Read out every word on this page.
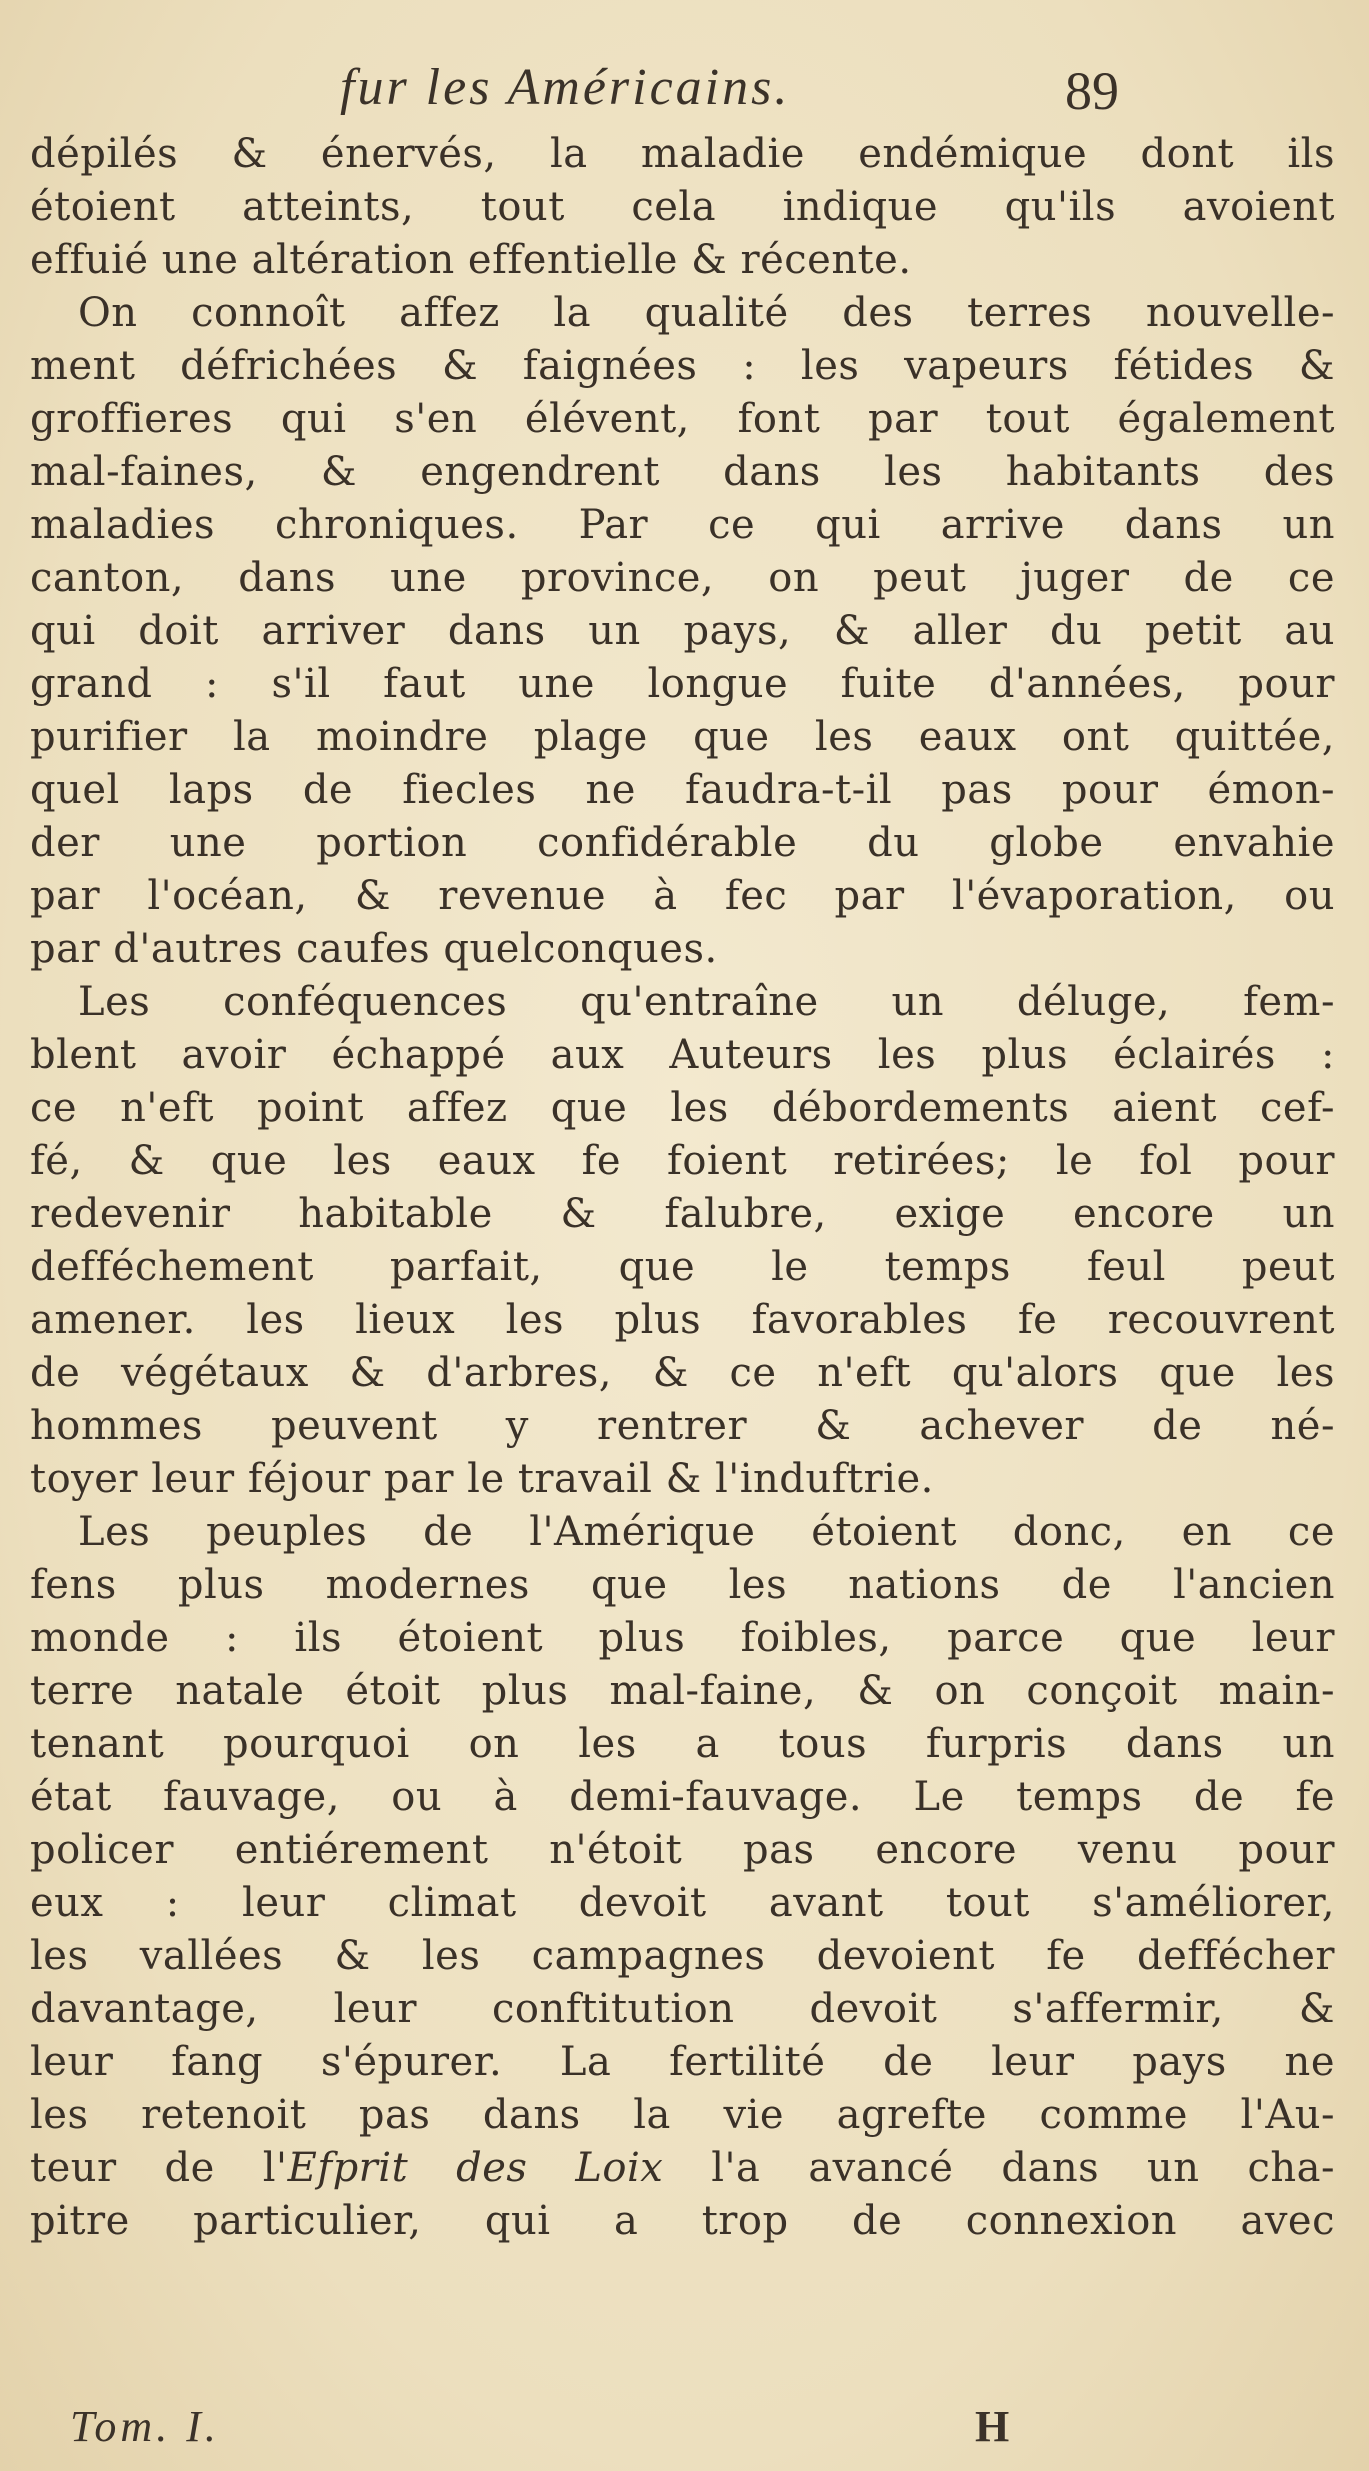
fur les Américains.	89
dépilés & énervés, la maladie endémique dont ils
étoient atteints, tout cela indique qu'ils avoient
effuié une altération effentielle & récente.
On connoît affez la qualité des terres nouvelle-
ment défrichées & faignées : les vapeurs fétides &
groffieres qui s'en élévent, font par tout également
mal-faines, & engendrent dans les habitants des
maladies chroniques. Par ce qui arrive dans un
canton, dans une province, on peut juger de ce
qui doit arriver dans un pays, & aller du petit au
grand : s'il faut une longue fuite d'années, pour
purifier la moindre plage que les eaux ont quittée,
quel laps de fiecles ne faudra-t-il pas pour émon-
der une portion confidérable du globe envahie
par l'océan, & revenue à fec par l'évaporation, ou
par d'autres caufes quelconques.
Les conféquences qu'entraîne un déluge, fem-
blent avoir échappé aux Auteurs les plus éclairés :
ce n'eft point affez que les débordements aient cef-
fé, & que les eaux fe foient retirées; le fol pour
redevenir habitable & falubre, exige encore un
defféchement parfait, que le temps feul peut
amener. les lieux les plus favorables fe recouvrent
de végétaux & d'arbres, & ce n'eft qu'alors que les
hommes peuvent y rentrer & achever de né-
toyer leur féjour par le travail & l'induftrie.
Les peuples de l'Amérique étoient donc, en ce
fens plus modernes que les nations de l'ancien
monde : ils étoient plus foibles, parce que leur
terre natale étoit plus mal-faine, & on conçoit main-
tenant pourquoi on les a tous furpris dans un
état fauvage, ou à demi-fauvage. Le temps de fe
policer entiérement n'étoit pas encore venu pour
eux : leur climat devoit avant tout s'améliorer,
les vallées & les campagnes devoient fe deffécher
davantage, leur conftitution devoit s'affermir, &
leur fang s'épurer. La fertilité de leur pays ne
les retenoit pas dans la vie agrefte comme l'Au-
teur de l'Efprit des Loix l'a avancé dans un cha-
pitre particulier, qui a trop de connexion avec
Tom. I.	H
